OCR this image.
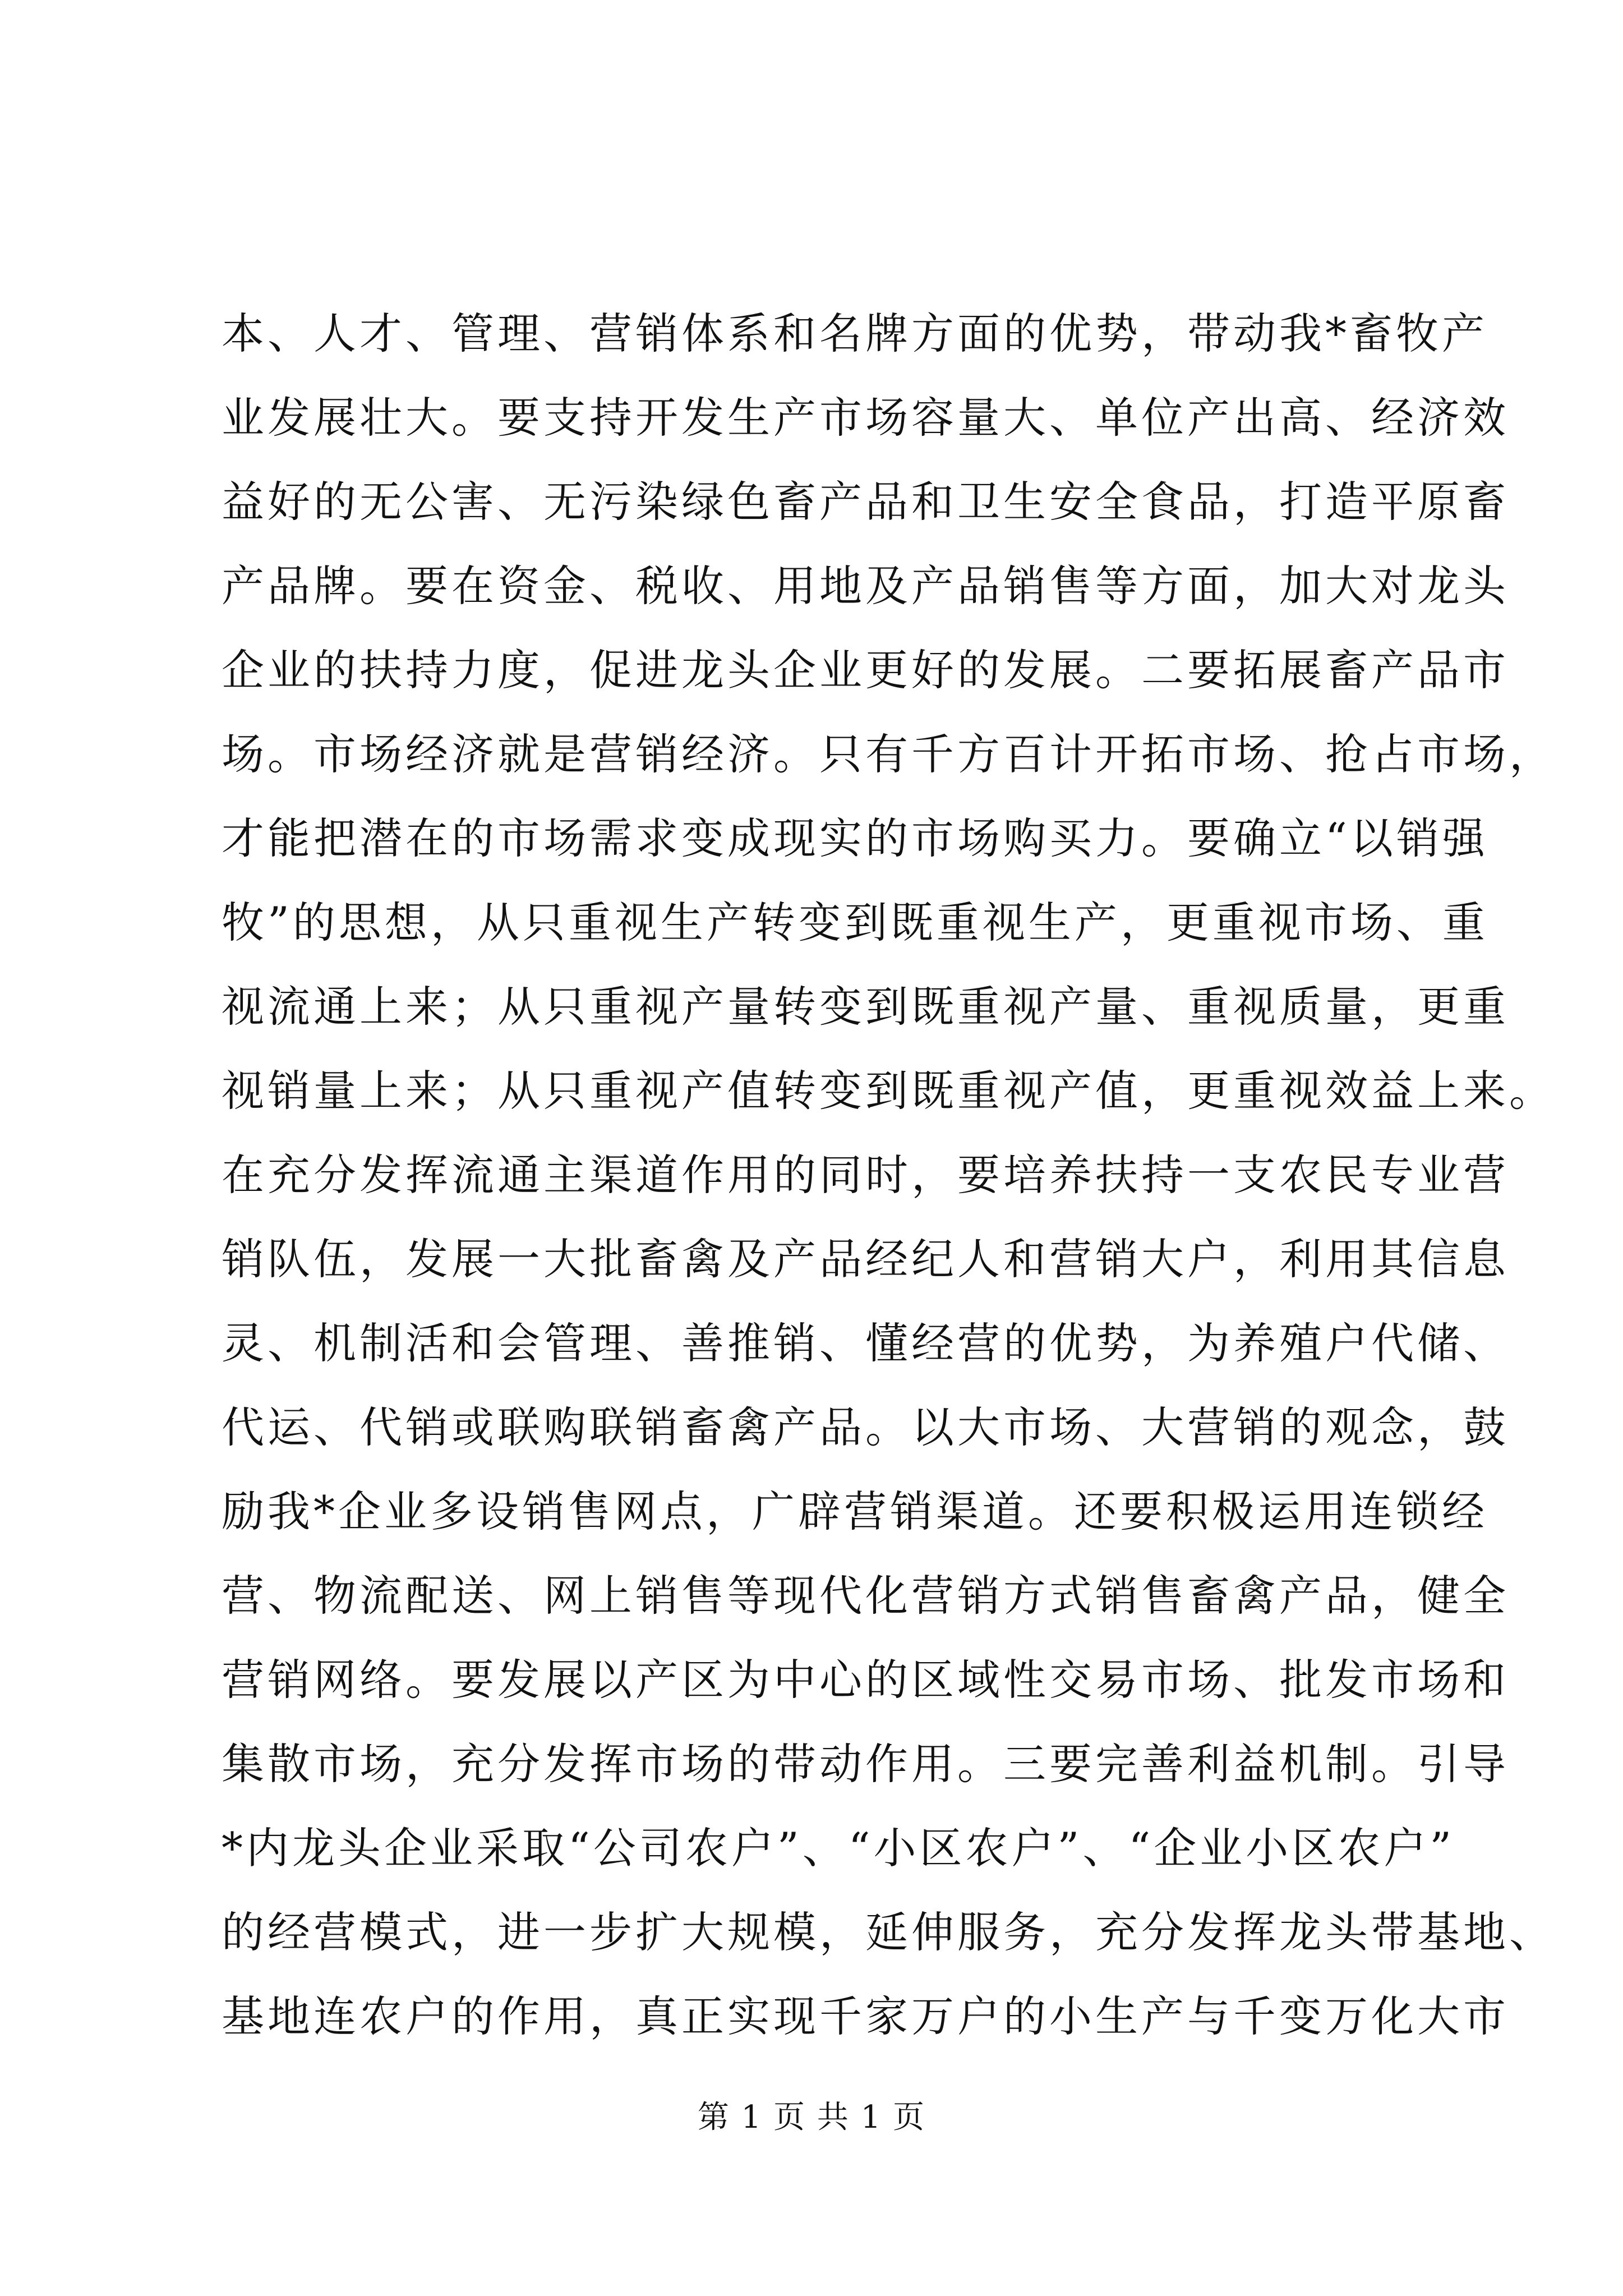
本、人才、管理、营销体系和名牌方面的优势，带动我*畜牧产
业发展壮大。要支持开发生产市场容量大、单位产出高、经济效
益好的无公害、无污染绿色畜产品和卫生安全食品，打造平原畜
产品牌。要在资金、税收、用地及产品销售等方面，加大对龙头
企业的扶持力度，促进龙头企业更好的发展。二要拓展畜产品市
场。市场经济就是营销经济。只有千方百计开拓市场、抢占市场，
才能把潜在的市场需求变成现实的市场购买力。要确立“以销强
牧”的思想，从只重视生产转变到既重视生产，更重视市场、重
视流通上来；从只重视产量转变到既重视产量、重视质量，更重
视销量上来；从只重视产值转变到既重视产值，更重视效益上来。
在充分发挥流通主渠道作用的同时，要培养扶持一支农民专业营
销队伍，发展一大批畜禽及产品经纪人和营销大户，利用其信息
灵、机制活和会管理、善推销、懂经营的优势，为养殖户代储、
代运、代销或联购联销畜禽产品。以大市场、大营销的观念，鼓
励我*企业多设销售网点，广辟营销渠道。还要积极运用连锁经
营、物流配送、网上销售等现代化营销方式销售畜禽产品，健全
营销网络。要发展以产区为中心的区域性交易市场、批发市场和
集散市场，充分发挥市场的带动作用。三要完善利益机制。引导
*内龙头企业采取“公司农户”、“小区农户”、“企业小区农户”
的经营模式，进一步扩大规模，延伸服务，充分发挥龙头带基地、
基地连农户的作用，真正实现千家万户的小生产与千变万化大市
第 1 页 共 1 页
